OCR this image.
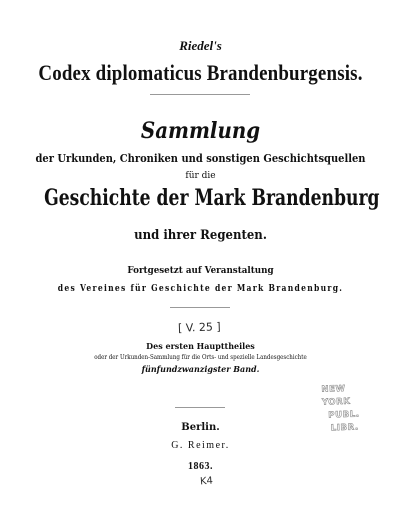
Riedel's
Codex diplomaticus Brandenburgensis.
Sammlung
der Urkunden, Chroniken und sonstigen Geschichtsquellen
für die
Geschichte der Mark Brandenburg
und ihrer Regenten.
Fortgesetzt auf Veranstaltung
des Vereines für Geschichte der Mark Brandenburg.
[ V. 25 ]
Des ersten Haupttheiles
oder der Urkunden-Sammlung für die Orts- und spezielle Landesgeschichte
fünfundzwanzigster Band.
NEW YORK
PUBL.
LIBR.
Berlin.
G. Reimer.
1863.
K4
